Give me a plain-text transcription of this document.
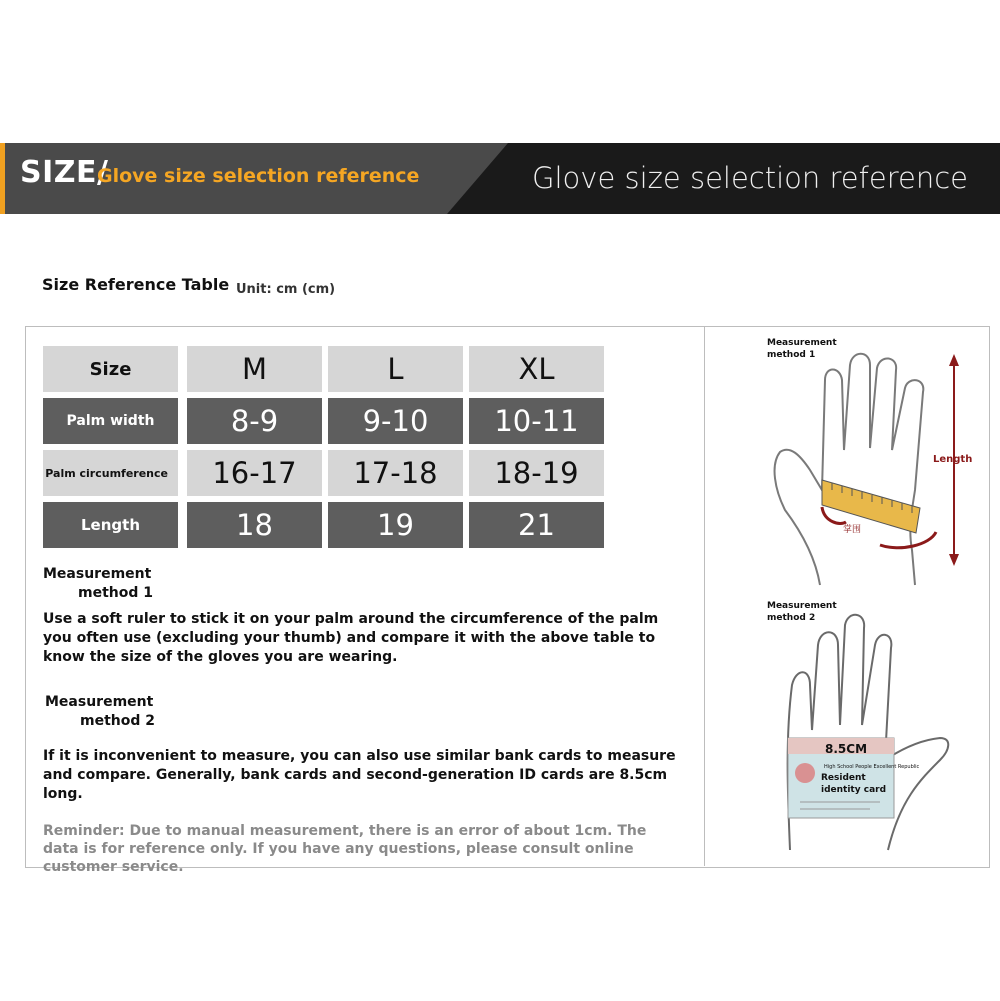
SIZE/
Glove size selection reference	Glove size selection reference
Size Reference Table Unit: cm (cm)
Size	M	L	XL
Palm width	8-9	9-10	10-11
Palm circumference	16-17	17-18	18-19
Length	18	19	21
Measurement
method 1
Use a soft ruler to stick it on your palm around the circumference of the palm you often use (excluding your thumb) and compare it with the above table to know the size of the gloves you are wearing.
Measurement
method 2
If it is inconvenient to measure, you can also use similar bank cards to measure and compare. Generally, bank cards and second-generation ID cards are 8.5cm long.
Reminder: Due to manual measurement, there is an error of about 1cm. The data is for reference only. If you have any questions, please consult online customer service.
Measurement
method 1
Measurement
method 2
Length
掌围
8.5CM
High School People Excellent Republic
Resident
identity card
